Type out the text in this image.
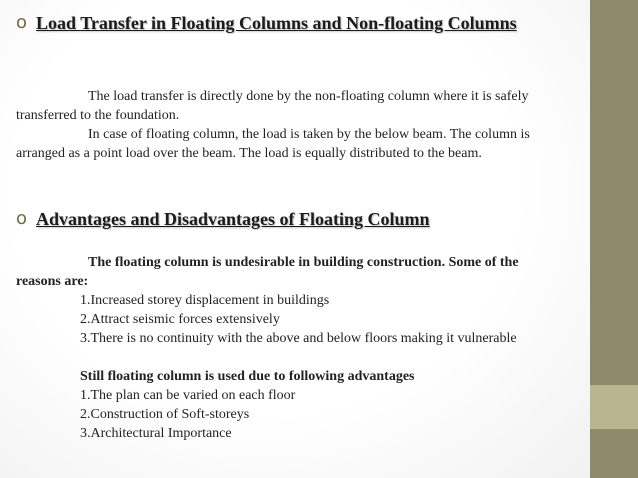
o Load Transfer in Floating Columns and Non-floating Columns

The load transfer is directly done by the non-floating column where it is safely transferred to the foundation.

In case of floating column, the load is taken by the below beam. The column is arranged as a point load over the beam. The load is equally distributed to the beam.

o Advantages and Disadvantages of Floating Column

The floating column is undesirable in building construction. Some of the reasons are:

1.Increased storey displacement in buildings

2.Attract seismic forces extensively

3.There is no continuity with the above and below floors making it vulnerable

Still floating column is used due to following advantages

1.The plan can be varied on each floor

2.Construction of Soft-storeys

3.Architectural Importance
